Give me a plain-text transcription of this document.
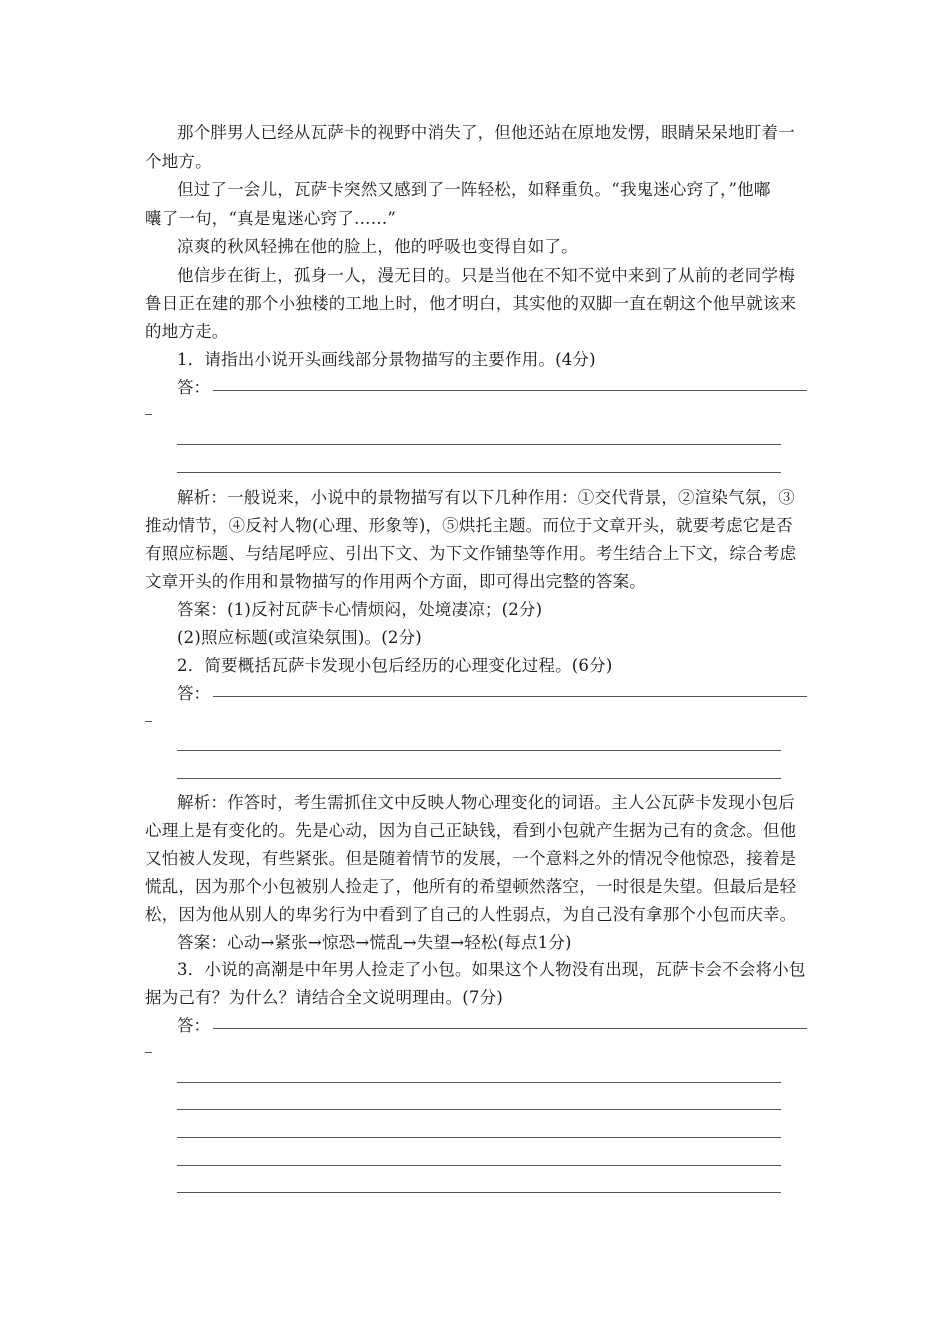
那个胖男人已经从瓦萨卡的视野中消失了，但他还站在原地发愣，眼睛呆呆地盯着一
个地方。
但过了一会儿，瓦萨卡突然又感到了一阵轻松，如释重负。“我鬼迷心窍了，”他嘟
囔了一句，“真是鬼迷心窍了……”
凉爽的秋风轻拂在他的脸上，他的呼吸也变得自如了。
他信步在街上，孤身一人，漫无目的。只是当他在不知不觉中来到了从前的老同学梅
鲁日正在建的那个小独楼的工地上时，他才明白，其实他的双脚一直在朝这个他早就该来
的地方走。
1．请指出小说开头画线部分景物描写的主要作用。(4分)
答：
解析：一般说来，小说中的景物描写有以下几种作用：①交代背景，②渲染气氛，③
推动情节，④反衬人物(心理、形象等)，⑤烘托主题。而位于文章开头，就要考虑它是否
有照应标题、与结尾呼应、引出下文、为下文作铺垫等作用。考生结合上下文，综合考虑
文章开头的作用和景物描写的作用两个方面，即可得出完整的答案。
答案：(1)反衬瓦萨卡心情烦闷，处境凄凉；(2分)
(2)照应标题(或渲染氛围)。(2分)
2．简要概括瓦萨卡发现小包后经历的心理变化过程。(6分)
答：
解析：作答时，考生需抓住文中反映人物心理变化的词语。主人公瓦萨卡发现小包后
心理上是有变化的。先是心动，因为自己正缺钱，看到小包就产生据为己有的贪念。但他
又怕被人发现，有些紧张。但是随着情节的发展，一个意料之外的情况令他惊恐，接着是
慌乱，因为那个小包被别人捡走了，他所有的希望顿然落空，一时很是失望。但最后是轻
松，因为他从别人的卑劣行为中看到了自己的人性弱点，为自己没有拿那个小包而庆幸。
答案：心动→紧张→惊恐→慌乱→失望→轻松(每点1分)
3．小说的高潮是中年男人捡走了小包。如果这个人物没有出现，瓦萨卡会不会将小包
据为己有？为什么？请结合全文说明理由。(7分)
答：
